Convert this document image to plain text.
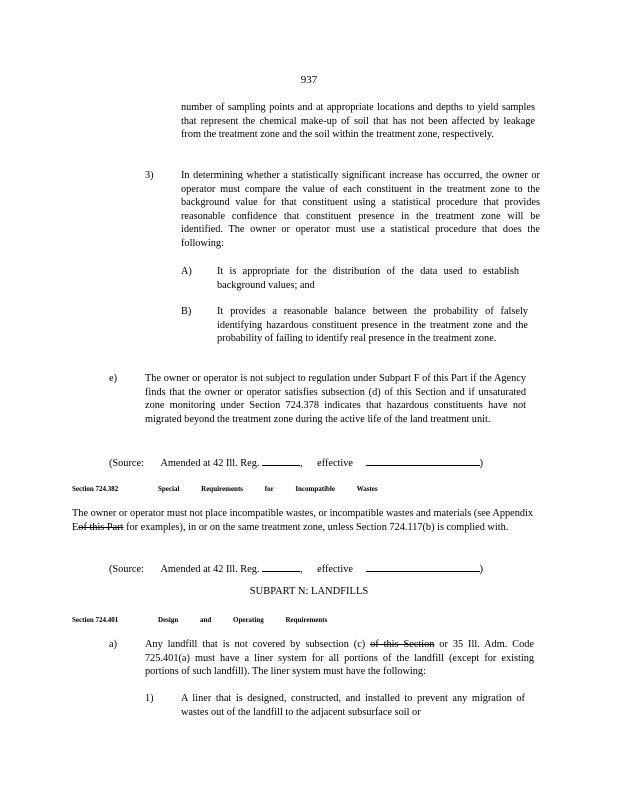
937
number of sampling points and at appropriate locations and depths to yield samples that represent the chemical make-up of soil that has not been affected by leakage from the treatment zone and the soil within the treatment zone, respectively.
3)	In determining whether a statistically significant increase has occurred, the owner or operator must compare the value of each constituent in the treatment zone to the background value for that constituent using a statistical procedure that provides reasonable confidence that constituent presence in the treatment zone will be identified. The owner or operator must use a statistical procedure that does the following:
A) It is appropriate for the distribution of the data used to establish background values; and
B) It provides a reasonable balance between the probability of falsely identifying hazardous constituent presence in the treatment zone and the probability of failing to identify real presence in the treatment zone.
e)	The owner or operator is not subject to regulation under Subpart F of this Part if the Agency finds that the owner or operator satisfies subsection (d) of this Section and if unsaturated zone monitoring under Section 724.378 indicates that hazardous constituents have not migrated beyond the treatment zone during the active life of the land treatment unit.
(Source: Amended at 42 Ill. Reg.	, effective	)
Section 724.382	Special Requirements for Incompatible Wastes
The owner or operator must not place incompatible wastes, or incompatible wastes and materials (see Appendix Eof this Part for examples), in or on the same treatment zone, unless Section 724.117(b) is complied with.
(Source: Amended at 42 Ill. Reg.	, effective	)
SUBPART N: LANDFILLS
Section 724.401	Design and Operating Requirements
a)	Any landfill that is not covered by subsection (c) of this Section or 35 Ill. Adm. Code 725.401(a) must have a liner system for all portions of the landfill (except for existing portions of such landfill). The liner system must have the following:
1)	A liner that is designed, constructed, and installed to prevent any migration of wastes out of the landfill to the adjacent subsurface soil or
